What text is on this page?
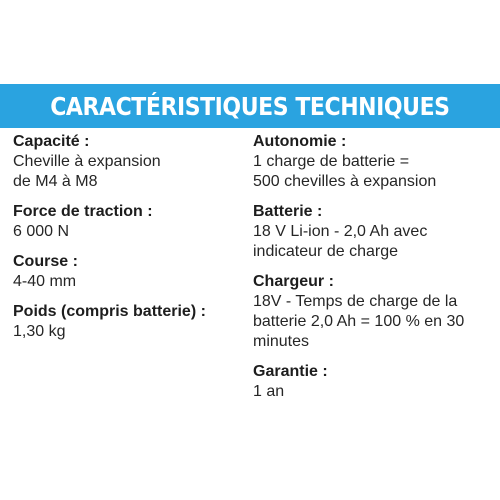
CARACTÉRISTIQUES TECHNIQUES
Capacité :
Cheville à expansion
de M4 à M8
Force de traction :
6 000 N
Course :
4-40 mm
Poids (compris batterie) :
1,30 kg
Autonomie :
1 charge de batterie =
500 chevilles à expansion
Batterie :
18 V Li-ion - 2,0 Ah avec
indicateur de charge
Chargeur :
18V - Temps de charge de la
batterie 2,0 Ah = 100 % en 30
minutes
Garantie :
1 an
